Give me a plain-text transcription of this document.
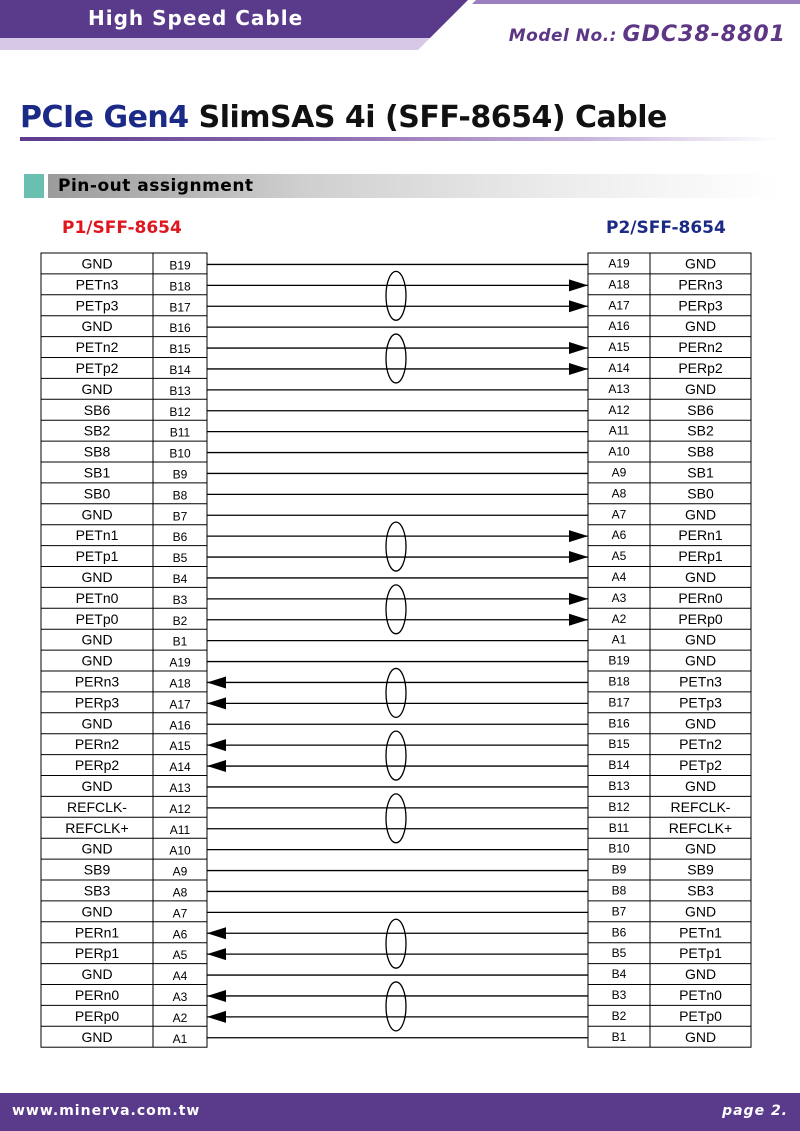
High Speed Cable
Model No.: GDC38-8801
PCIe Gen4 SlimSAS 4i (SFF-8654) Cable
Pin-out assignment
P1/SFF-8654	P2/SFF-8654
GND	B19	A19	GND
PETn3	B18	A18	PERn3
PETp3	B17	A17	PERp3
GND	B16	A16	GND
PETn2	B15	A15	PERn2
PETp2	B14	A14	PERp2
GND	B13	A13	GND
SB6	B12	A12	SB6
SB2	B11	A11	SB2
SB8	B10	A10	SB8
SB1	B9	A9	SB1
SB0	B8	A8	SB0
GND	B7	A7	GND
PETn1	B6	A6	PERn1
PETp1	B5	A5	PERp1
GND	B4	A4	GND
PETn0	B3	A3	PERn0
PETp0	B2	A2	PERp0
GND	B1	A1	GND
GND	A19	B19	GND
PERn3	A18	B18	PETn3
PERp3	A17	B17	PETp3
GND	A16	B16	GND
PERn2	A15	B15	PETn2
PERp2	A14	B14	PETp2
GND	A13	B13	GND
REFCLK-	A12	B12	REFCLK-
REFCLK+	A11	B11	REFCLK+
GND	A10	B10	GND
SB9	A9	B9	SB9
SB3	A8	B8	SB3
GND	A7	B7	GND
PERn1	A6	B6	PETn1
PERp1	A5	B5	PETp1
GND	A4	B4	GND
PERn0	A3	B3	PETn0
PERp0	A2	B2	PETp0
GND	A1	B1	GND
www.minerva.com.tw	page 2.
